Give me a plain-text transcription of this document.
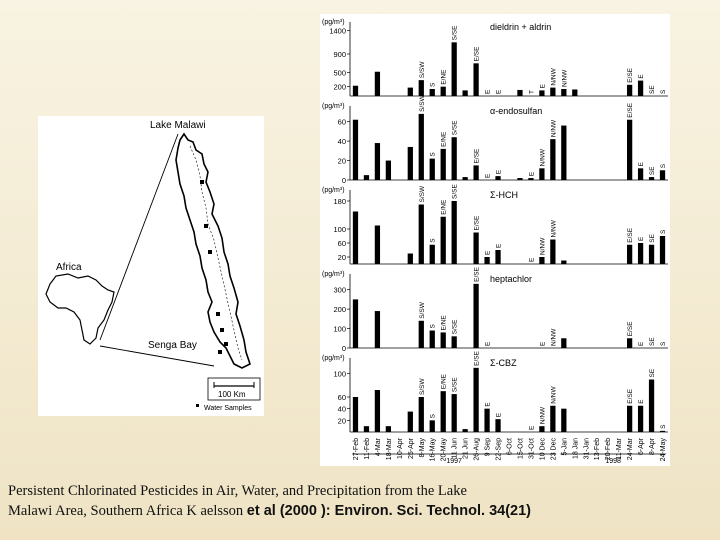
Lake Malawi
Africa
Senga Bay
100 Km
Water Samples
(pg/m³)	dieldrin + aldrin
1400
900
500
200
S/SW
S
E/NE
S/SE
E/SE
E E	T
E
N/NW N/NW	E/SE E
SE S
(pg/m³)	α-endosulfan
60
40
20
0
S/SW
S
E/NE
S/SE
E/SE
E
E	E
N/NW
N/NW
E/SE
E
SE
S
(pg/m³)	Σ-HCH
180
100
60
20
S/SW
S
E/NE
S/SE
E/SE
E
E
E
N/NW
N/NW	E/SE E SE
S
(pg/m³)	heptachlor
300
200
100
0
S/SW
S E/NE S/SE
E/SE
E	E N/NW	E/SE
E SE S
(pg/m³)	Σ-CBZ
100
60
40
20
S/SW
S
E/NE S/SE
E/SE
E
E
E
N/NW
N/NW	E/SE E
SE
S
27-Feb 11-Feb 4-Mar 18-Mar 10-Apr 25-Apr 8-May 16-May 20-May 11 Jun 21 Jun 26-Aug 9 Sep 22-Sep 6-Oct 15-Oct 31-Oct 10 Dec 23 Dec 5-Jan 18 Jan 31-Jan 13-Feb 20-Feb 11-Mar 24-Mar 6-Apr 8-Apr 24-May
1997	1998
Persistent Chlorinated Pesticides in Air, Water, and Precipitation from the Lake
Malawi Area, Southern Africa K aelsson et al (2000 ): Environ. Sci. Technol. 34(21)
